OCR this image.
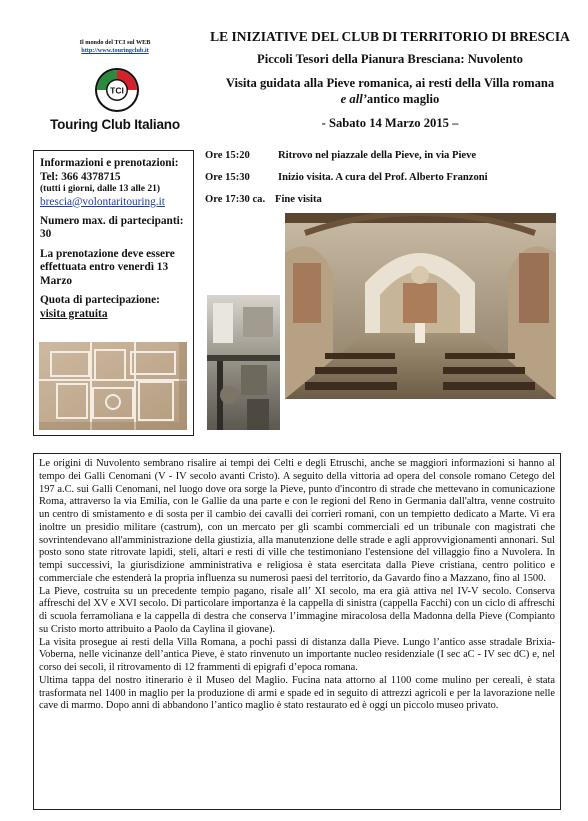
Il mondo del TCI sul WEB
http://www.touringclub.it
TCI
Touring Club Italiano
LE INIZIATIVE DEL CLUB DI TERRITORIO DI BRESCIA
Piccoli Tesori della Pianura Bresciana: Nuvolento
Visita guidata alla Pieve romanica, ai resti della Villa romana
e all’antico maglio
- Sabato 14 Marzo 2015 –
Informazioni e prenotazioni:
Tel: 366 4378715
(tutti i giorni, dalle 13 alle 21)
brescia@volontaritouring.it
Numero max. di partecipanti:
30
La prenotazione deve essere effettuata entro venerdì 13 Marzo
Quota di partecipazione:
visita gratuita
Ore 15:20	Ritrovo nel piazzale della Pieve, in via Pieve
Ore 15:30	Inizio visita. A cura del Prof. Alberto Franzoni
Ore 17:30 ca. Fine visita

Le origini di Nuvolento sembrano risalire ai tempi dei Celti e degli Etruschi, anche se maggiori informazioni si hanno al tempo dei Galli Cenomani (V - IV secolo avanti Cristo). A seguito della vittoria ad opera del console romano Cetego del 197 a.C. sui Galli Cenomani, nel luogo dove ora sorge la Pieve, punto d'incontro di strade che mettevano in comunicazione Roma, attraverso la via Emilia, con le Gallie da una parte e con le regioni del Reno in Germania dall'altra, venne costruito un centro di smistamento e di sosta per il cambio dei cavalli dei corrieri romani, con un tempietto dedicato a Marte. Vi era inoltre un presidio militare (castrum), con un mercato per gli scambi commerciali ed un tribunale con magistrati che sovrintendevano all'amministrazione della giustizia, alla manutenzione delle strade e agli approvvigionamenti annonari. Sul posto sono state ritrovate lapidi, steli, altari e resti di ville che testimoniano l'estensione del villaggio fino a Nuvolera. In tempi successivi, la giurisdizione amministrativa e religiosa è stata esercitata dalla Pieve cristiana, centro politico e commerciale che estenderà la propria influenza su numerosi paesi del territorio, da Gavardo fino a Mazzano, fino al 1500.

La Pieve, costruita su un precedente tempio pagano, risale all’ XI secolo, ma era già attiva nel IV-V secolo. Conserva affreschi del XV e XVI secolo. Di particolare importanza è la cappella di sinistra (cappella Facchi) con un ciclo di affreschi di scuola ferramoliana e la cappella di destra che conserva l’immagine miracolosa della Madonna della Pieve (Compianto su Cristo morto attribuito a Paolo da Caylina il giovane).

La visita prosegue ai resti della Villa Romana, a pochi passi di distanza dalla Pieve. Lungo l’antico asse stradale Brixia-Voberna, nelle vicinanze dell’antica Pieve, è stato rinvenuto un importante nucleo residenziale (I sec aC - IV sec dC) e, nel corso dei secoli, il ritrovamento di 12 frammenti di epigrafi d’epoca romana.

Ultima tappa del nostro itinerario è il Museo del Maglio. Fucina nata attorno al 1100 come mulino per cereali, è stata trasformata nel 1400 in maglio per la produzione di armi e spade ed in seguito di attrezzi agricoli e per la lavorazione nelle cave di marmo. Dopo anni di abbandono l’antico maglio è stato restaurato ed è oggi un piccolo museo privato.
